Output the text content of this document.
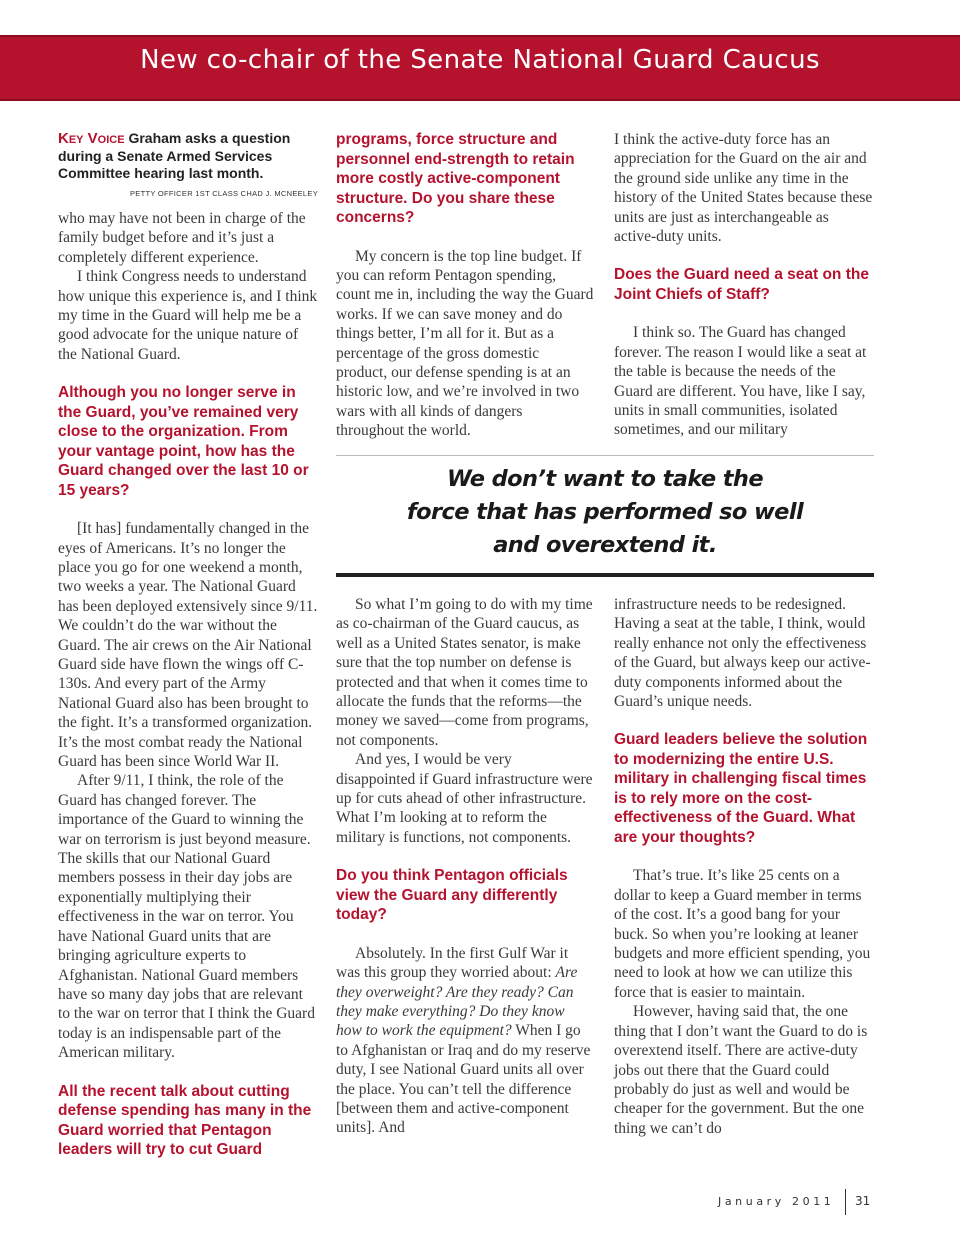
New co-chair of the Senate National Guard Caucus
Key Voice Graham asks a question during a Senate Armed Services Committee hearing last month.
PETTY OFFICER 1ST CLASS CHAD J. MCNEELEY

who may have not been in charge of the family budget before and it’s just a completely different experience.

I think Congress needs to understand how unique this experience is, and I think my time in the Guard will help me be a good advocate for the unique nature of the National Guard.

Although you no longer serve in the Guard, you’ve remained very close to the organization. From your vantage point, how has the Guard changed over the last 10 or 15 years?

[It has] fundamentally changed in the eyes of Americans. It’s no longer the place you go for one weekend a month, two weeks a year. The National Guard has been deployed extensively since 9/11. We couldn’t do the war without the Guard. The air crews on the Air National Guard side have flown the wings off C-130s. And every part of the Army National Guard also has been brought to the fight. It’s a transformed organization. It’s the most combat ready the National Guard has been since World War II.

After 9/11, I think, the role of the Guard has changed forever. The importance of the Guard to winning the war on terrorism is just beyond measure. The skills that our National Guard members possess in their day jobs are exponentially multiplying their effectiveness in the war on terror. You have National Guard units that are bringing agriculture experts to Afghanistan. National Guard members have so many day jobs that are relevant to the war on terror that I think the Guard today is an indispensable part of the American military.

All the recent talk about cutting defense spending has many in the Guard worried that Pentagon leaders will try to cut Guard

programs, force structure and personnel end-strength to retain more costly active-component structure. Do you share these concerns?

My concern is the top line budget. If you can reform Pentagon spending, count me in, including the way the Guard works. If we can save money and do things better, I’m all for it. But as a percentage of the gross domestic product, our defense spending is at an historic low, and we’re involved in two wars with all kinds of dangers throughout the world.

I think the active-duty force has an appreciation for the Guard on the air and the ground side unlike any time in the history of the United States because these units are just as interchangeable as active-duty units.

Does the Guard need a seat on the Joint Chiefs of Staff?

I think so. The Guard has changed forever. The reason I would like a seat at the table is because the needs of the Guard are different. You have, like I say, units in small communities, isolated sometimes, and our military

We don’t want to take the
force that has performed so well
and overextend it.

So what I’m going to do with my time as co-chairman of the Guard caucus, as well as a United States senator, is make sure that the top number on defense is protected and that when it comes time to allocate the funds that the reforms—the money we saved—come from programs, not components.

And yes, I would be very disappointed if Guard infrastructure were up for cuts ahead of other infrastructure. What I’m looking at to reform the military is functions, not components.

Do you think Pentagon officials view the Guard any differently today?

Absolutely. In the first Gulf War it was this group they worried about: Are they overweight? Are they ready? Can they make everything? Do they know how to work the equipment? When I go to Afghanistan or Iraq and do my reserve duty, I see National Guard units all over the place. You can’t tell the difference [between them and active-component units]. And

infrastructure needs to be redesigned. Having a seat at the table, I think, would really enhance not only the effectiveness of the Guard, but always keep our active-duty components informed about the Guard’s unique needs.

Guard leaders believe the solution to modernizing the entire U.S. military in challenging fiscal times is to rely more on the cost-effectiveness of the Guard. What are your thoughts?

That’s true. It’s like 25 cents on a dollar to keep a Guard member in terms of the cost. It’s a good bang for your buck. So when you’re looking at leaner budgets and more efficient spending, you need to look at how we can utilize this force that is easier to maintain.

However, having said that, the one thing that I don’t want the Guard to do is overextend itself. There are active-duty jobs out there that the Guard could probably do just as well and would be cheaper for the government. But the one thing we can’t do

January 2011 31
